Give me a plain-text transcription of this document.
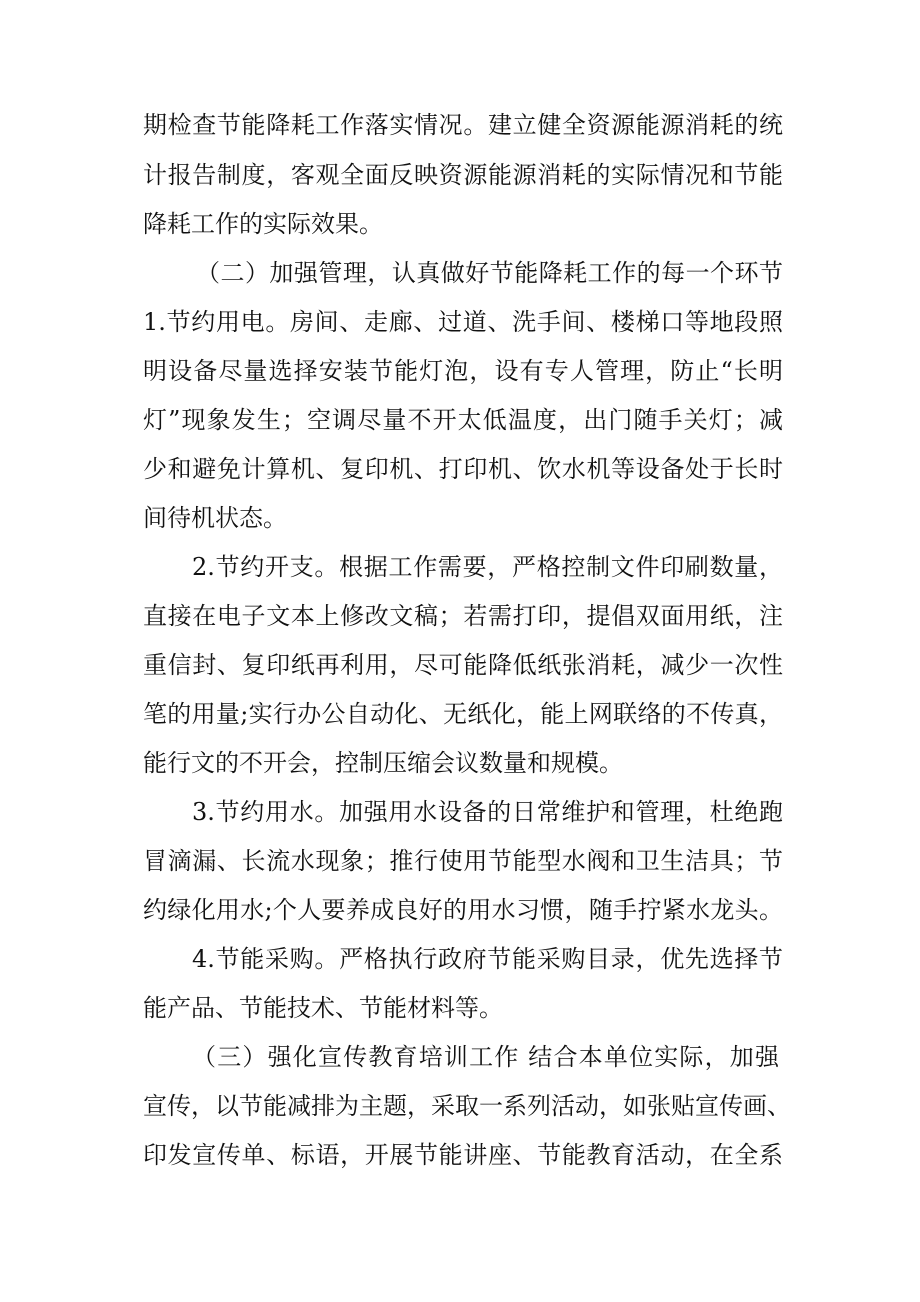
期检查节能降耗工作落实情况。建立健全资源能源消耗的统
计报告制度，客观全面反映资源能源消耗的实际情况和节能
降耗工作的实际效果。
（二）加强管理，认真做好节能降耗工作的每一个环节
1.节约用电。房间、走廊、过道、洗手间、楼梯口等地段照
明设备尽量选择安装节能灯泡，设有专人管理，防止“长明
灯”现象发生；空调尽量不开太低温度，出门随手关灯；减
少和避免计算机、复印机、打印机、饮水机等设备处于长时
间待机状态。
2.节约开支。根据工作需要，严格控制文件印刷数量，
直接在电子文本上修改文稿；若需打印，提倡双面用纸，注
重信封、复印纸再利用，尽可能降低纸张消耗，减少一次性
笔的用量;实行办公自动化、无纸化，能上网联络的不传真，
能行文的不开会，控制压缩会议数量和规模。
3.节约用水。加强用水设备的日常维护和管理，杜绝跑
冒滴漏、长流水现象；推行使用节能型水阀和卫生洁具；节
约绿化用水;个人要养成良好的用水习惯，随手拧紧水龙头。
4.节能采购。严格执行政府节能采购目录，优先选择节
能产品、节能技术、节能材料等。
（三）强化宣传教育培训工作 结合本单位实际，加强
宣传，以节能减排为主题，采取一系列活动，如张贴宣传画、
印发宣传单、标语，开展节能讲座、节能教育活动，在全系
